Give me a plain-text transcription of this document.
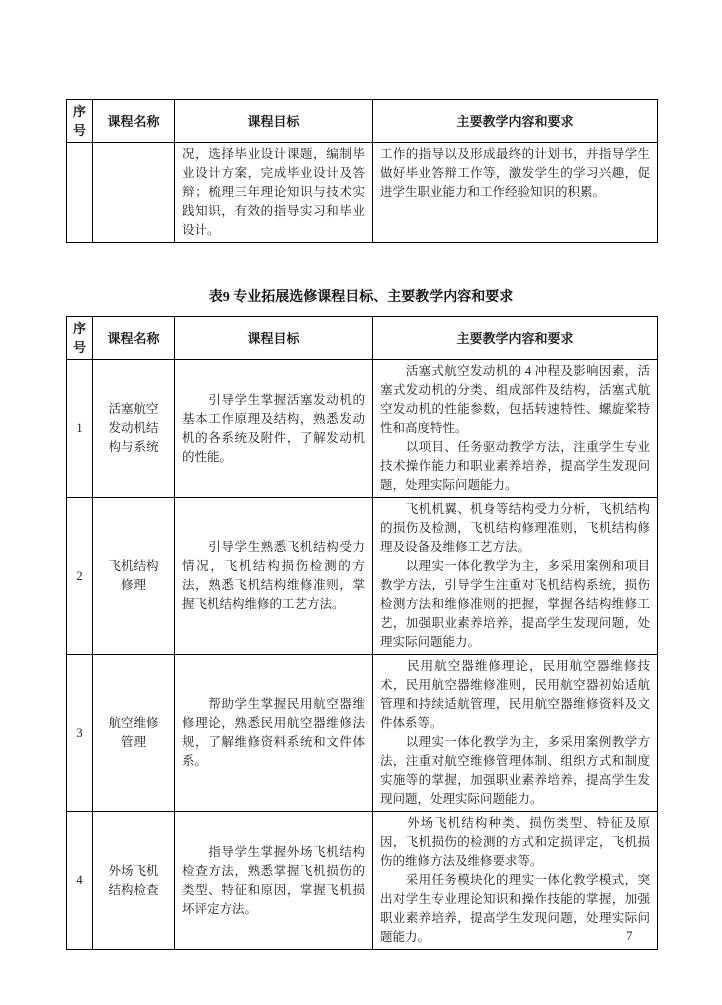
序号	课程名称	课程目标	主要教学内容和要求

		况，选择毕业设计课题，编制毕业设计方案，完成毕业设计及答辩；梳理三年理论知识与技术实践知识，有效的指导实习和毕业设计。	工作的指导以及形成最终的计划书，并指导学生做好毕业答辩工作等，激发学生的学习兴趣，促进学生职业能力和工作经验知识的积累。

表9 专业拓展选修课程目标、主要教学内容和要求
序号	课程名称	课程目标	主要教学内容和要求
1	活塞航空发动机结构与系统	　　引导学生掌握活塞发动机的基本工作原理及结构，熟悉发动机的各系统及附件，了解发动机的性能。	　　活塞式航空发动机的 4 冲程及影响因素，活塞式发动机的分类、组成部件及结构，活塞式航空发动机的性能参数，包括转速特性、螺旋桨特性和高度特性。

　　以项目、任务驱动教学方法，注重学生专业技术操作能力和职业素养培养，提高学生发现问题，处理实际问题能力。

2	飞机结构修理	　　引导学生熟悉飞机结构受力情况，飞机结构损伤检测的方法，熟悉飞机结构维修准则，掌握飞机结构维修的工艺方法。	　　飞机机翼、机身等结构受力分析，飞机结构的损伤及检测，飞机结构修理准则，飞机结构修理及设备及维修工艺方法。

　　以理实一体化教学为主，多采用案例和项目教学方法，引导学生注重对飞机结构系统，损伤检测方法和维修准则的把握，掌握各结构维修工艺，加强职业素养培养，提高学生发现问题，处理实际问题能力。

3	航空维修管理	　　帮助学生掌握民用航空器维修理论，熟悉民用航空器维修法规，了解维修资料系统和文件体系。	　　民用航空器维修理论，民用航空器维修技术，民用航空器维修准则，民用航空器初始适航管理和持续适航管理，民用航空器维修资料及文件体系等。

　　以理实一体化教学为主，多采用案例教学方法，注重对航空维修管理体制、组织方式和制度实施等的掌握，加强职业素养培养，提高学生发现问题，处理实际问题能力。

4	外场飞机结构检查	　　指导学生掌握外场飞机结构检查方法，熟悉掌握飞机损伤的类型、特征和原因，掌握飞机损坏评定方法。	　　外场飞机结构种类、损伤类型、特征及原因，飞机损伤的检测的方式和定损评定，飞机损伤的维修方法及维修要求等。

　　采用任务模块化的理实一体化教学模式，突出对学生专业理论知识和操作技能的掌握，加强职业素养培养，提高学生发现问题，处理实际问题能力。	7
